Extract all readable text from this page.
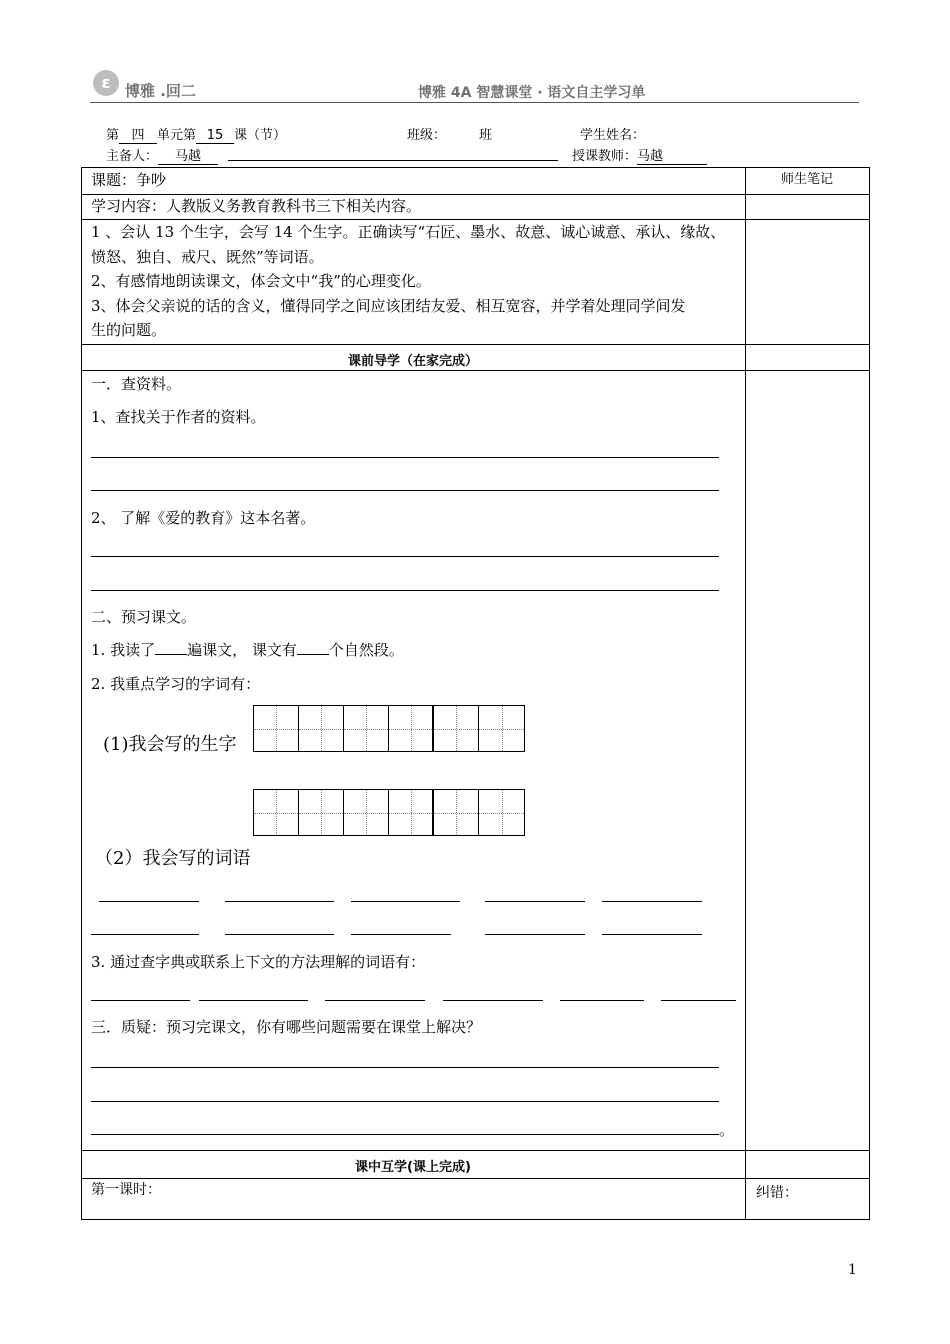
ε 博雅 .回二	博雅 4A 智慧课堂 · 语文自主学习单
第 四 单元第 15 课（节）	班级：	班	学生姓名：
主备人： 马越	授课教师：马越
课题：争吵	师生笔记
学习内容：人教版义务教育教科书三下相关内容。
1 、会认 13 个生字，会写 14 个生字。正确读写“石匠、墨水、故意、诚心诚意、承认、缘故、
愤怒、独自、戒尺、既然”等词语。
2、有感情地朗读课文，体会文中“我”的心理变化。
3、体会父亲说的话的含义，懂得同学之间应该团结友爱、相互宽容，并学着处理同学间发
生的问题。
课前导学（在家完成）
一．查资料。
1、查找关于作者的资料。
2、 了解《爱的教育》这本名著。
二、预习课文。
1. 我读了 遍课文， 课文有 个自然段。
2. 我重点学习的字词有：
(1)我会写的生字
（2）我会写的词语
3. 通过查字典或联系上下文的方法理解的词语有：
三．质疑：预习完课文，你有哪些问题需要在课堂上解决？
。
课中互学(课上完成)
第一课时：	纠错：
1
